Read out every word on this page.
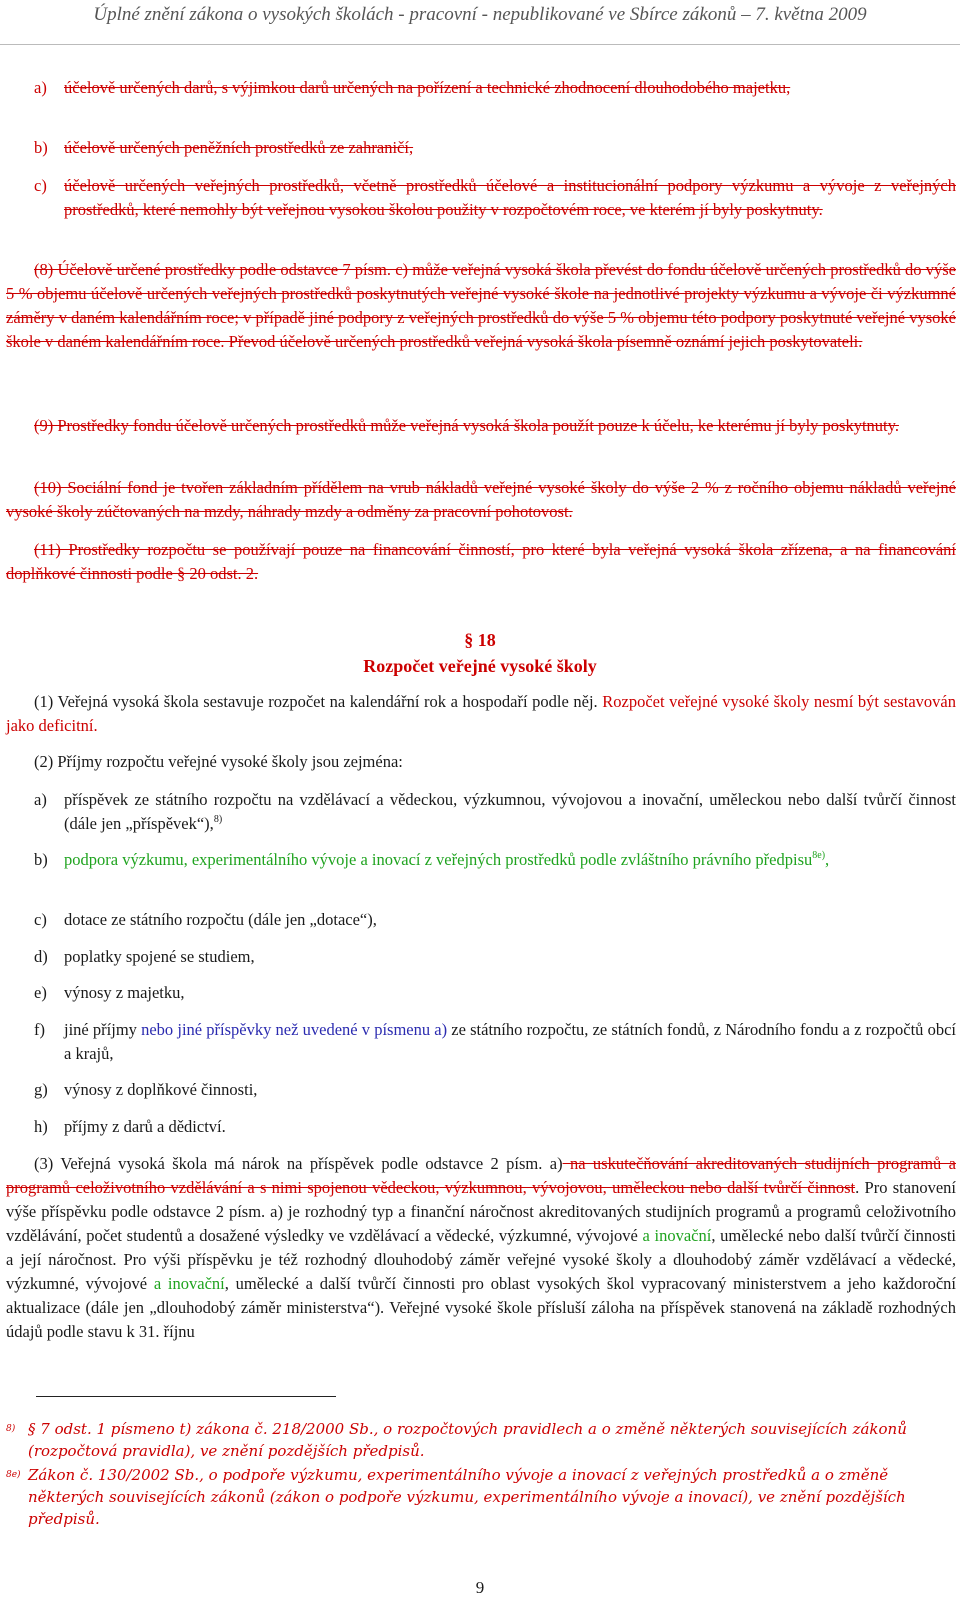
Úplné znění zákona o vysokých školách - pracovní - nepublikované ve Sbírce zákonů – 7. května 2009
a) účelově určených darů, s výjimkou darů určených na pořízení a technické zhodnocení dlouhodobého majetku,
b) účelově určených peněžních prostředků ze zahraničí,
c) účelově určených veřejných prostředků, včetně prostředků účelové a institucionální podpory výzkumu a vývoje z veřejných prostředků, které nemohly být veřejnou vysokou školou použity v rozpočtovém roce, ve kterém jí byly poskytnuty.
(8) Účelově určené prostředky podle odstavce 7 písm. c) může veřejná vysoká škola převést do fondu účelově určených prostředků do výše 5 % objemu účelově určených veřejných prostředků poskytnutých veřejné vysoké škole na jednotlivé projekty výzkumu a vývoje či výzkumné záměry v daném kalendářním roce; v případě jiné podpory z veřejných prostředků do výše 5 % objemu této podpory poskytnuté veřejné vysoké škole v daném kalendářním roce. Převod účelově určených prostředků veřejná vysoká škola písemně oznámí jejich poskytovateli.
(9) Prostředky fondu účelově určených prostředků může veřejná vysoká škola použít pouze k účelu, ke kterému jí byly poskytnuty.
(10) Sociální fond je tvořen základním přídělem na vrub nákladů veřejné vysoké školy do výše 2 % z ročního objemu nákladů veřejné vysoké školy zúčtovaných na mzdy, náhrady mzdy a odměny za pracovní pohotovost.
(11) Prostředky rozpočtu se používají pouze na financování činností, pro které byla veřejná vysoká škola zřízena, a na financování doplňkové činnosti podle § 20 odst. 2.
§ 18
Rozpočet veřejné vysoké školy
(1) Veřejná vysoká škola sestavuje rozpočet na kalendářní rok a hospodaří podle něj. Rozpočet veřejné vysoké školy nesmí být sestavován jako deficitní.
(2) Příjmy rozpočtu veřejné vysoké školy jsou zejména:
a) příspěvek ze státního rozpočtu na vzdělávací a vědeckou, výzkumnou, vývojovou a inovační, uměleckou nebo další tvůrčí činnost (dále jen „příspěvek“),$^{8)}$
b) podpora výzkumu, experimentálního vývoje a inovací z veřejných prostředků podle zvláštního právního předpisu$^{8e)}$,
c) dotace ze státního rozpočtu (dále jen „dotace“),
d) poplatky spojené se studiem,
e) výnosy z majetku,
f) jiné příjmy nebo jiné příspěvky než uvedené v písmenu a) ze státního rozpočtu, ze státních fondů, z Národního fondu a z rozpočtů obcí a krajů,
g) výnosy z doplňkové činnosti,
h) příjmy z darů a dědictví.
(3) Veřejná vysoká škola má nárok na příspěvek podle odstavce 2 písm. a) na uskutečňování akreditovaných studijních programů a programů celoživotního vzdělávání a s nimi spojenou vědeckou, výzkumnou, vývojovou, uměleckou nebo další tvůrčí činnost. Pro stanovení výše příspěvku podle odstavce 2 písm. a) je rozhodný typ a finanční náročnost akreditovaných studijních programů a programů celoživotního vzdělávání, počet studentů a dosažené výsledky ve vzdělávací a vědecké, výzkumné, vývojové a inovační, umělecké nebo další tvůrčí činnosti a její náročnost. Pro výši příspěvku je též rozhodný dlouhodobý záměr veřejné vysoké školy a dlouhodobý záměr vzdělávací a vědecké, výzkumné, vývojové a inovační, umělecké a další tvůrčí činnosti pro oblast vysokých škol vypracovaný ministerstvem a jeho každoroční aktualizace (dále jen „dlouhodobý záměr ministerstva“). Veřejné vysoké škole přísluší záloha na příspěvek stanovená na základě rozhodných údajů podle stavu k 31. říjnu
8) § 7 odst. 1 písmeno t) zákona č. 218/2000 Sb., o rozpočtových pravidlech a o změně některých souvisejících zákonů (rozpočtová pravidla), ve znění pozdějších předpisů.
8e) Zákon č. 130/2002 Sb., o podpoře výzkumu, experimentálního vývoje a inovací z veřejných prostředků a o změně některých souvisejících zákonů (zákon o podpoře výzkumu, experimentálního vývoje a inovací), ve znění pozdějších předpisů.
9
